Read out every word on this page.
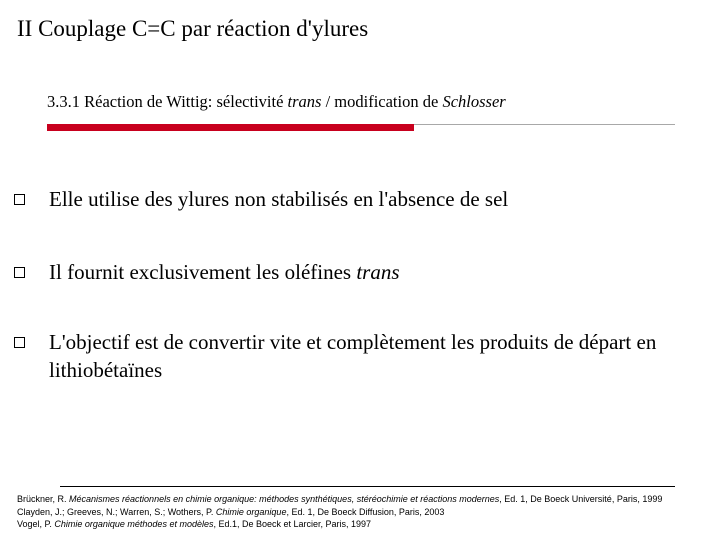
II Couplage C=C par réaction d'ylures
3.3.1 Réaction de Wittig: sélectivité trans / modification de Schlosser
Elle utilise des ylures non stabilisés en l'absence de sel
Il fournit exclusivement les oléfines trans
L'objectif est de convertir vite et complètement les produits de départ en lithiobétaïnes
Brückner, R. Mécanismes réactionnels en chimie organique: méthodes synthétiques, stéréochimie et réactions modernes, Ed. 1, De Boeck Université, Paris, 1999
Clayden, J.; Greeves, N.; Warren, S.; Wothers, P. Chimie organique, Ed. 1, De Boeck Diffusion, Paris, 2003
Vogel, P. Chimie organique méthodes et modèles, Ed.1, De Boeck et Larcier, Paris, 1997
